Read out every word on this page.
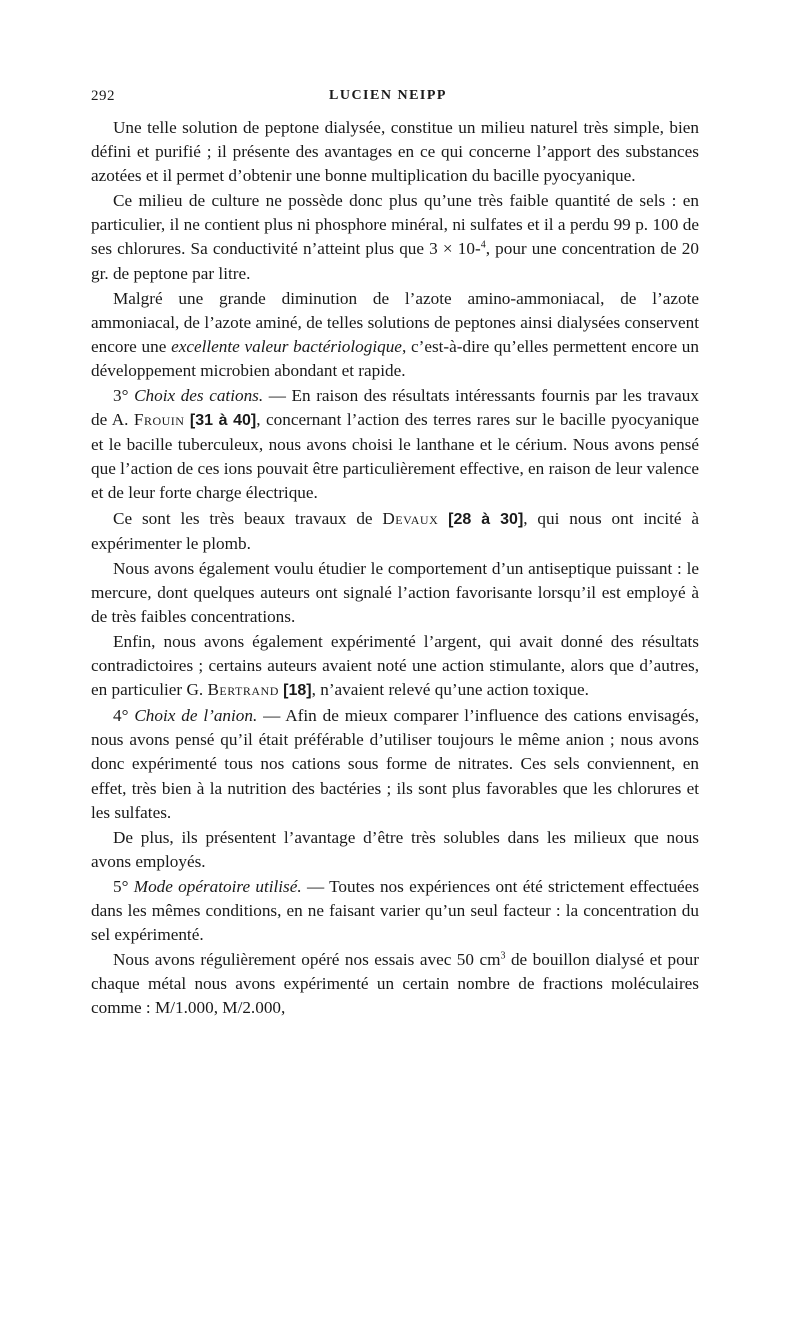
292	LUCIEN NEIPP

Une telle solution de peptone dialysée, constitue un milieu naturel très simple, bien défini et purifié ; il présente des avantages en ce qui concerne l’apport des substances azotées et il permet d’obtenir une bonne multiplication du bacille pyocyanique.

Ce milieu de culture ne possède donc plus qu’une très faible quantité de sels : en particulier, il ne contient plus ni phosphore minéral, ni sulfates et il a perdu 99 p. 100 de ses chlorures. Sa conductivité n’atteint plus que 3 × 10-$^4$, pour une concentration de 20 gr. de peptone par litre.

Malgré une grande diminution de l’azote amino-ammoniacal, de l’azote ammoniacal, de l’azote aminé, de telles solutions de peptones ainsi dialysées conservent encore une excellente valeur bactériologique, c’est-à-dire qu’elles permettent encore un développement microbien abondant et rapide.

3° Choix des cations. — En raison des résultats intéressants fournis par les travaux de A. Frouin [31 à 40], concernant l’action des terres rares sur le bacille pyocyanique et le bacille tuberculeux, nous avons choisi le lanthane et le cérium. Nous avons pensé que l’action de ces ions pouvait être particulièrement effective, en raison de leur valence et de leur forte charge électrique.

Ce sont les très beaux travaux de Devaux [28 à 30], qui nous ont incité à expérimenter le plomb.

Nous avons également voulu étudier le comportement d’un antiseptique puissant : le mercure, dont quelques auteurs ont signalé l’action favorisante lorsqu’il est employé à de très faibles concentrations.

Enfin, nous avons également expérimenté l’argent, qui avait donné des résultats contradictoires ; certains auteurs avaient noté une action stimulante, alors que d’autres, en particulier G. Bertrand [18], n’avaient relevé qu’une action toxique.

4° Choix de l’anion. — Afin de mieux comparer l’influence des cations envisagés, nous avons pensé qu’il était préférable d’utiliser toujours le même anion ; nous avons donc expérimenté tous nos cations sous forme de nitrates. Ces sels conviennent, en effet, très bien à la nutrition des bactéries ; ils sont plus favorables que les chlorures et les sulfates.

De plus, ils présentent l’avantage d’être très solubles dans les milieux que nous avons employés.

5° Mode opératoire utilisé. — Toutes nos expériences ont été strictement effectuées dans les mêmes conditions, en ne faisant varier qu’un seul facteur : la concentration du sel expérimenté.

Nous avons régulièrement opéré nos essais avec 50 $cm^3$ de bouillon dialysé et pour chaque métal nous avons expérimenté un certain nombre de fractions moléculaires comme : M/1.000, M/2.000,
